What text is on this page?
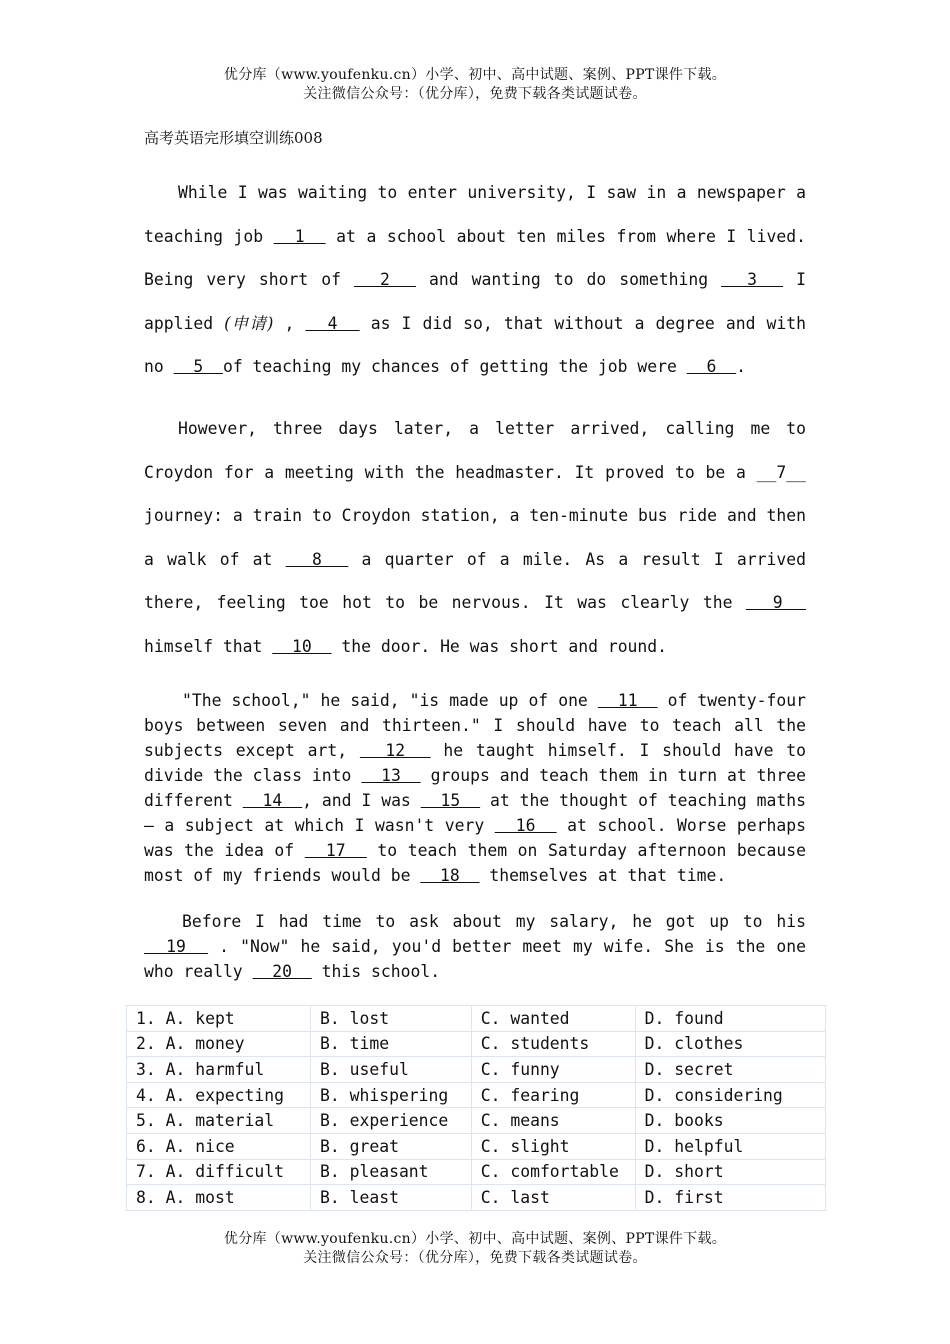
优分库（www.youfenku.cn）小学、初中、高中试题、案例、PPT课件下载。
关注微信公众号：（优分库），免费下载各类试题试卷。
高考英语完形填空训练008

While I was waiting to enter university, I saw in a newspaper a teaching job   1   at a school about ten miles from where I lived. Being very short of   2   and wanting to do something   3   I applied (申请) ,   4   as I did so, that without a degree and with no   5  of teaching my chances of getting the job were   6  .

However, three days later, a letter arrived, calling me to Croydon for a meeting with the headmaster. It proved to be a __7__ journey: a train to Croydon station, a ten-minute bus ride and then a walk of at   8   a quarter of a mile. As a result I arrived there, feeling toe hot to be nervous. It was clearly the   9   himself that   10   the door. He was short and round.

"The school," he said, "is made up of one   11   of twenty-four boys between seven and thirteen." I should have to teach all the subjects except art,   12   he taught himself. I should have to divide the class into   13   groups and teach them in turn at three different   14  , and I was   15   at the thought of teaching maths — a subject at which I wasn't very   16   at school. Worse perhaps was the idea of   17   to teach them on Saturday afternoon because most of my friends would be   18   themselves at that time.

Before I had time to ask about my salary, he got up to his   19   . "Now" he said, you'd better meet my wife. She is the one who really   20   this school.

1. A. kept	B. lost	C. wanted	D. found
2. A. money	B. time	C. students	D. clothes
3. A. harmful	B. useful	C. funny	D. secret
4. A. expecting	B. whispering	C. fearing	D. considering
5. A. material	B. experience	C. means	D. books
6. A. nice	B. great	C. slight	D. helpful
7. A. difficult	B. pleasant	C. comfortable	D. short
8. A. most	B. least	C. last	D. first
优分库（www.youfenku.cn）小学、初中、高中试题、案例、PPT课件下载。
关注微信公众号：（优分库），免费下载各类试题试卷。
